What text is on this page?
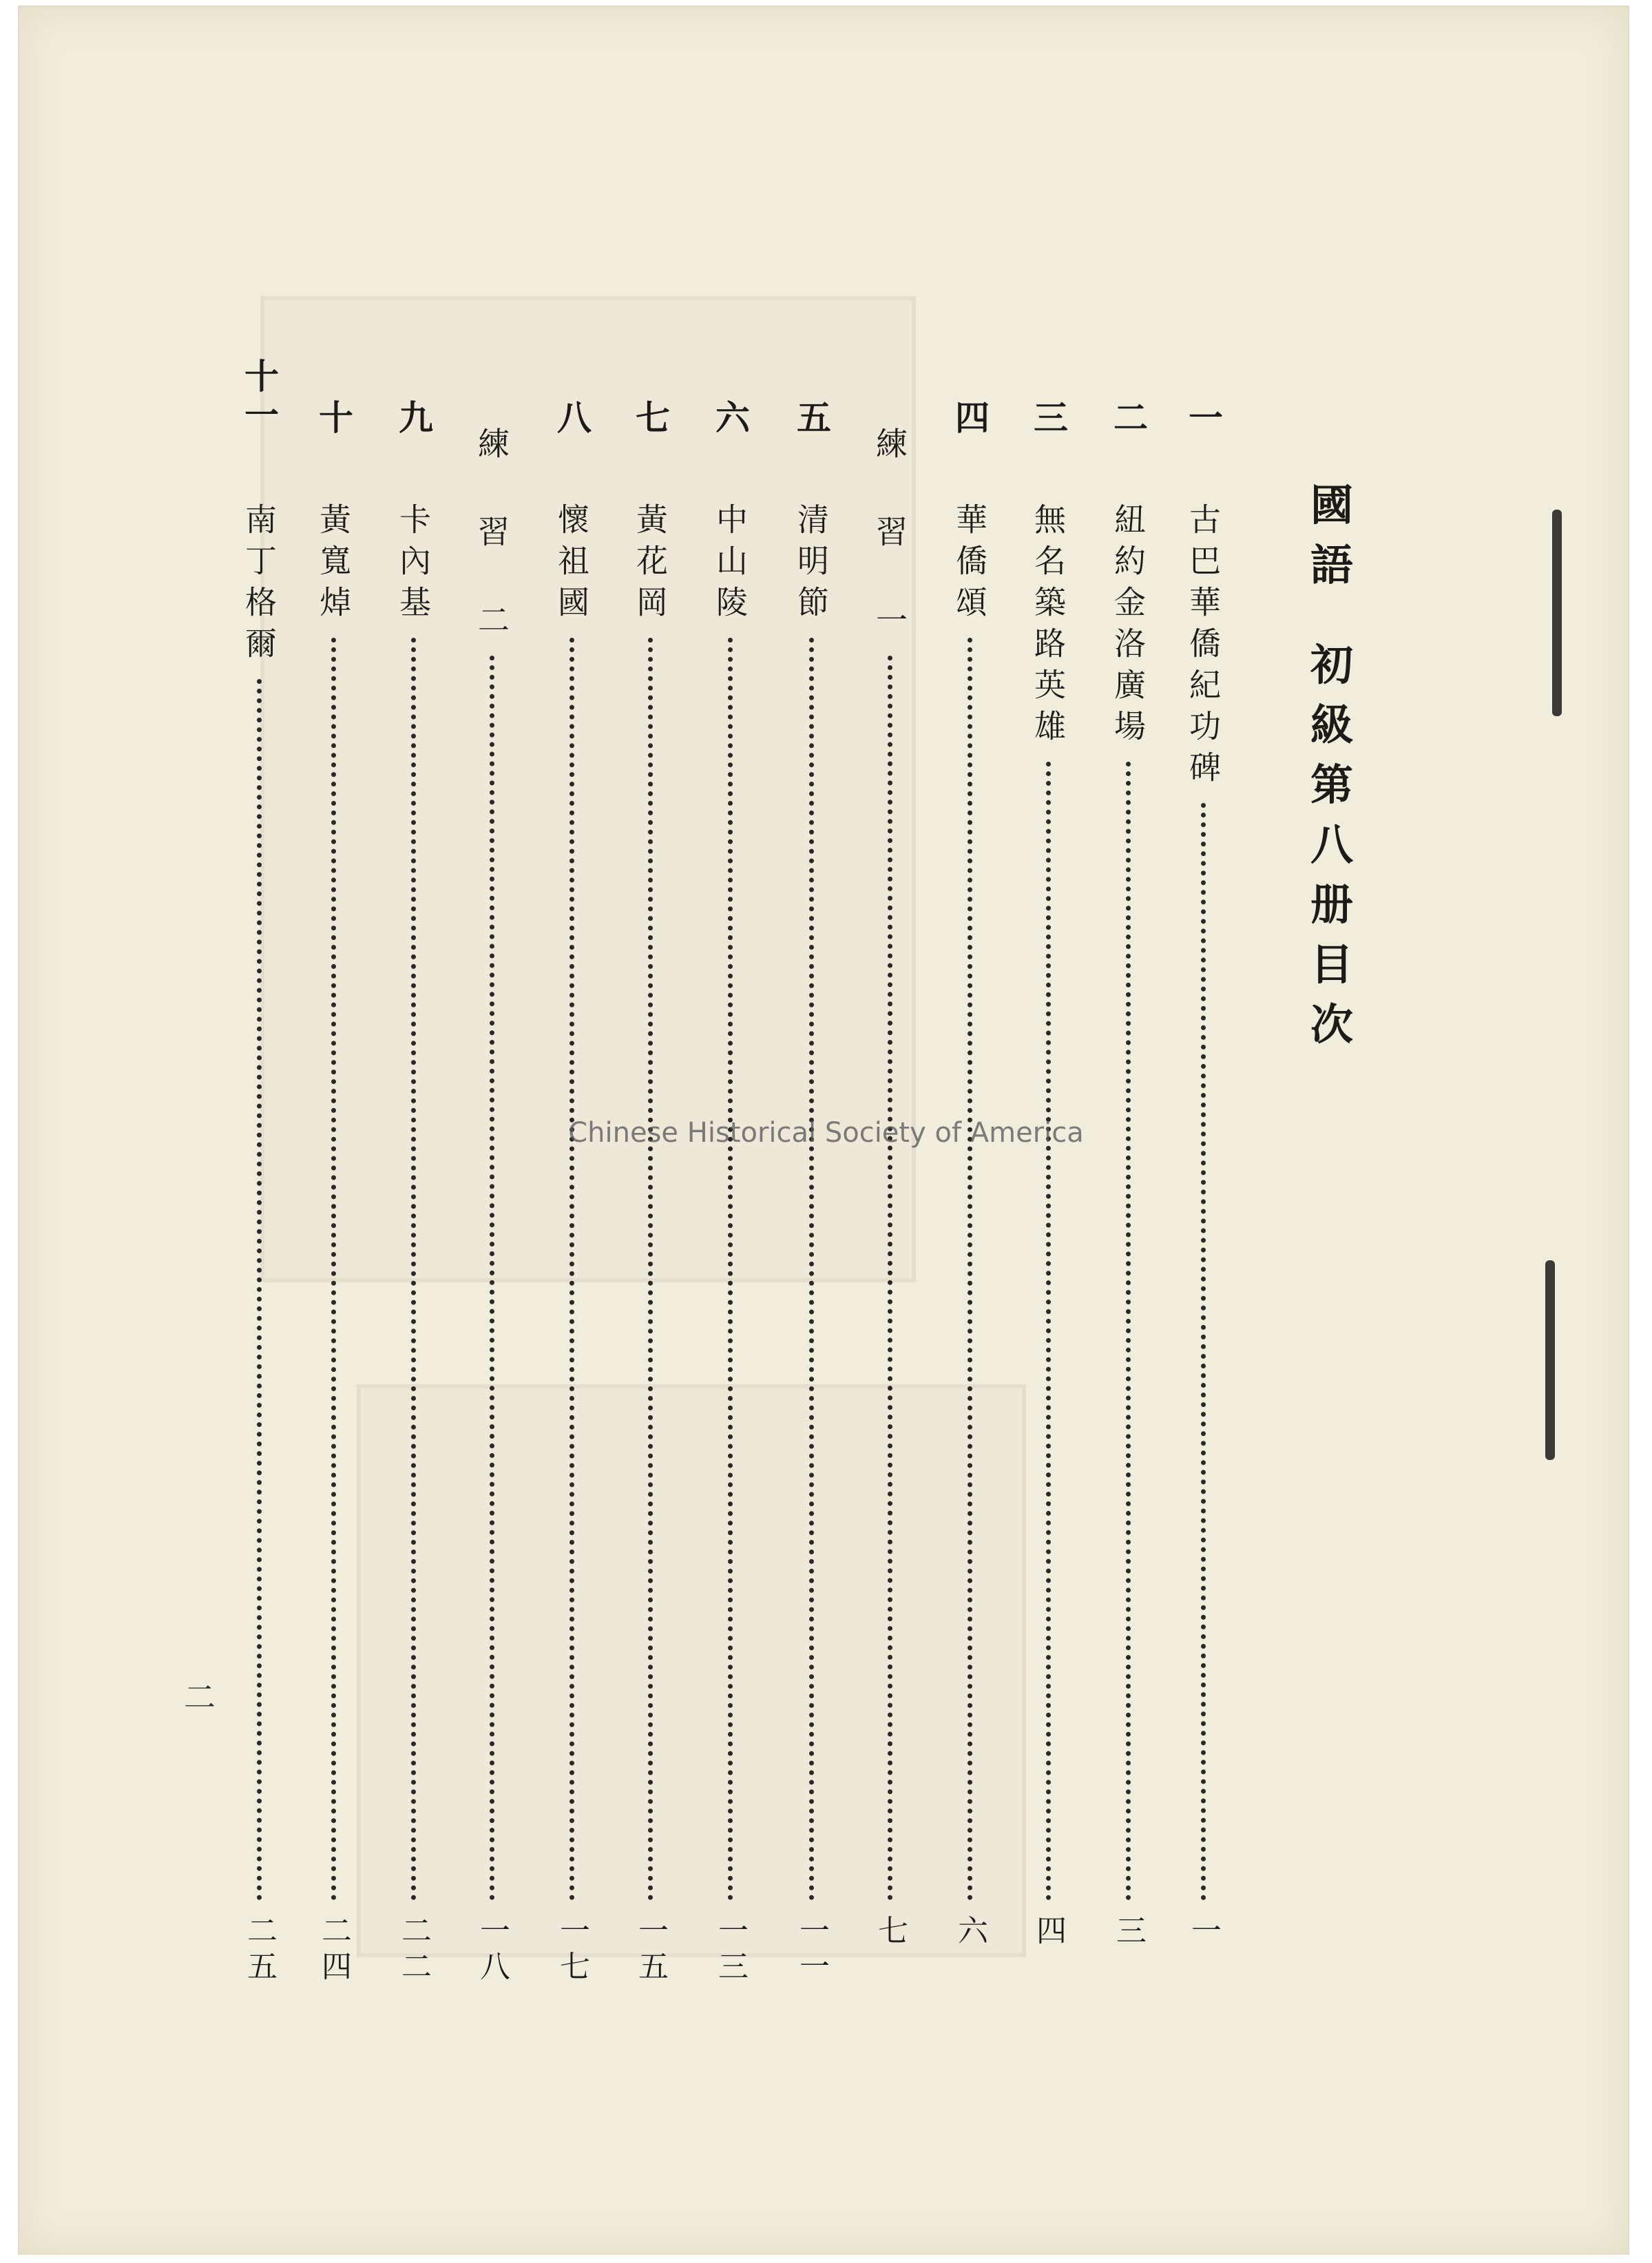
國
語
初
級
第
八
册
目
次
一
古巴華僑紀功碑
一
二
紐約金洛廣場
三
三
無名築路英雄
四
四
華僑頌
六
練 習 一
七
五
清明節
一一
六
中山陵
一三
七
黃花岡
一五
八
懷祖國
一七
練 習 二
一八
九
卡內基
二二
十
黃寬焯
二四
十一
南丁格爾
二五
二
Chinese Historical Society of America
